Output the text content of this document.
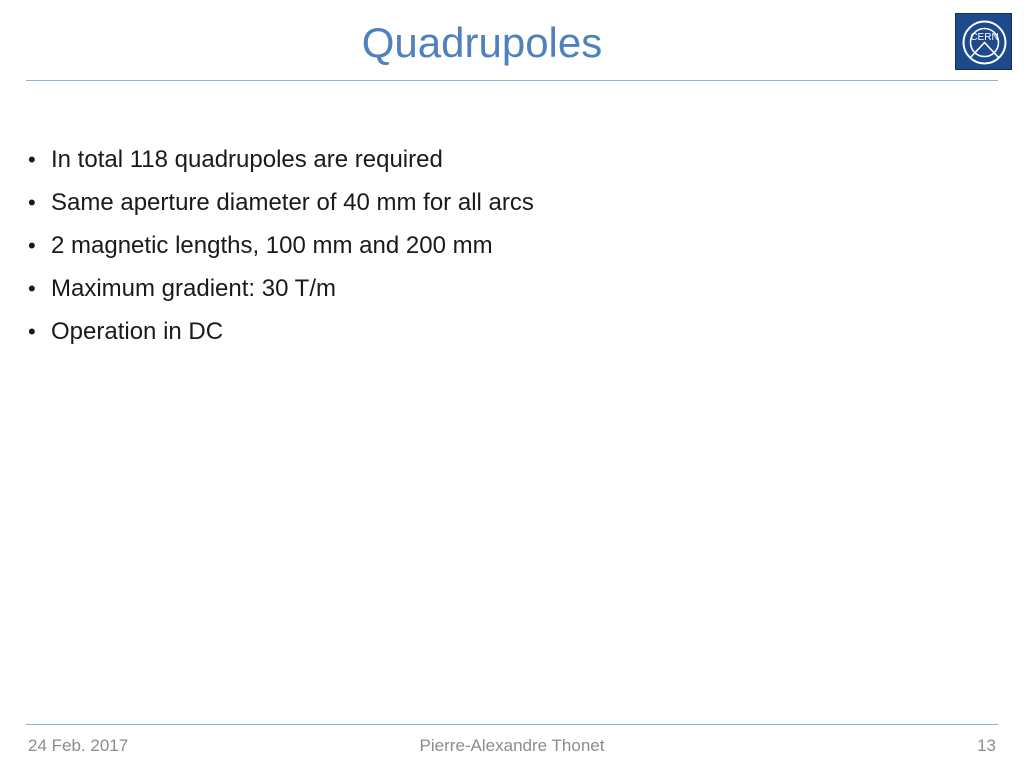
Quadrupoles	CERN
• In total 118 quadrupoles are required
• Same aperture diameter of 40 mm for all arcs
• 2 magnetic lengths, 100 mm and 200 mm
• Maximum gradient: 30 T/m
• Operation in DC
24 Feb. 2017	Pierre-Alexandre Thonet	13
